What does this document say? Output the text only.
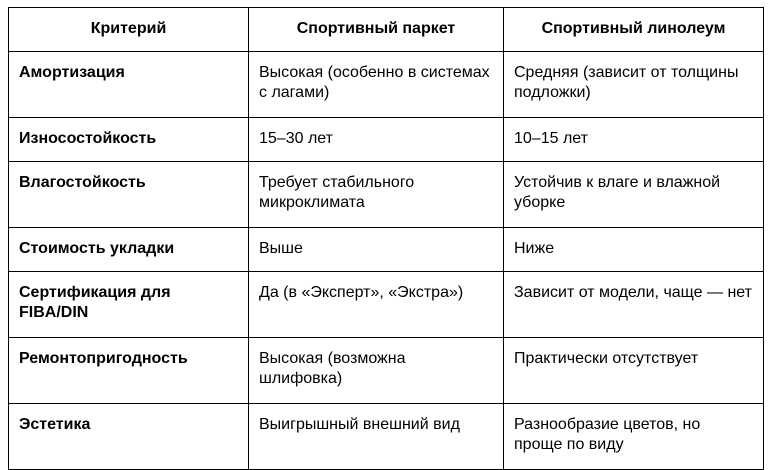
Критерий	Спортивный паркет	Спортивный линолеум
Амортизация	Высокая (особенно в системах с лагами)	Средняя (зависит от толщины подложки)
Износостойкость	15–30 лет	10–15 лет
Влагостойкость	Требует стабильного микроклимата	Устойчив к влаге и влажной уборке
Стоимость укладки	Выше	Ниже
Сертификация для FIBA/DIN	Да (в «Эксперт», «Экстра»)	Зависит от модели, чаще — нет
Ремонтопригодность	Высокая (возможна шлифовка)	Практически отсутствует
Эстетика	Выигрышный внешний вид	Разнообразие цветов, но проще по виду
